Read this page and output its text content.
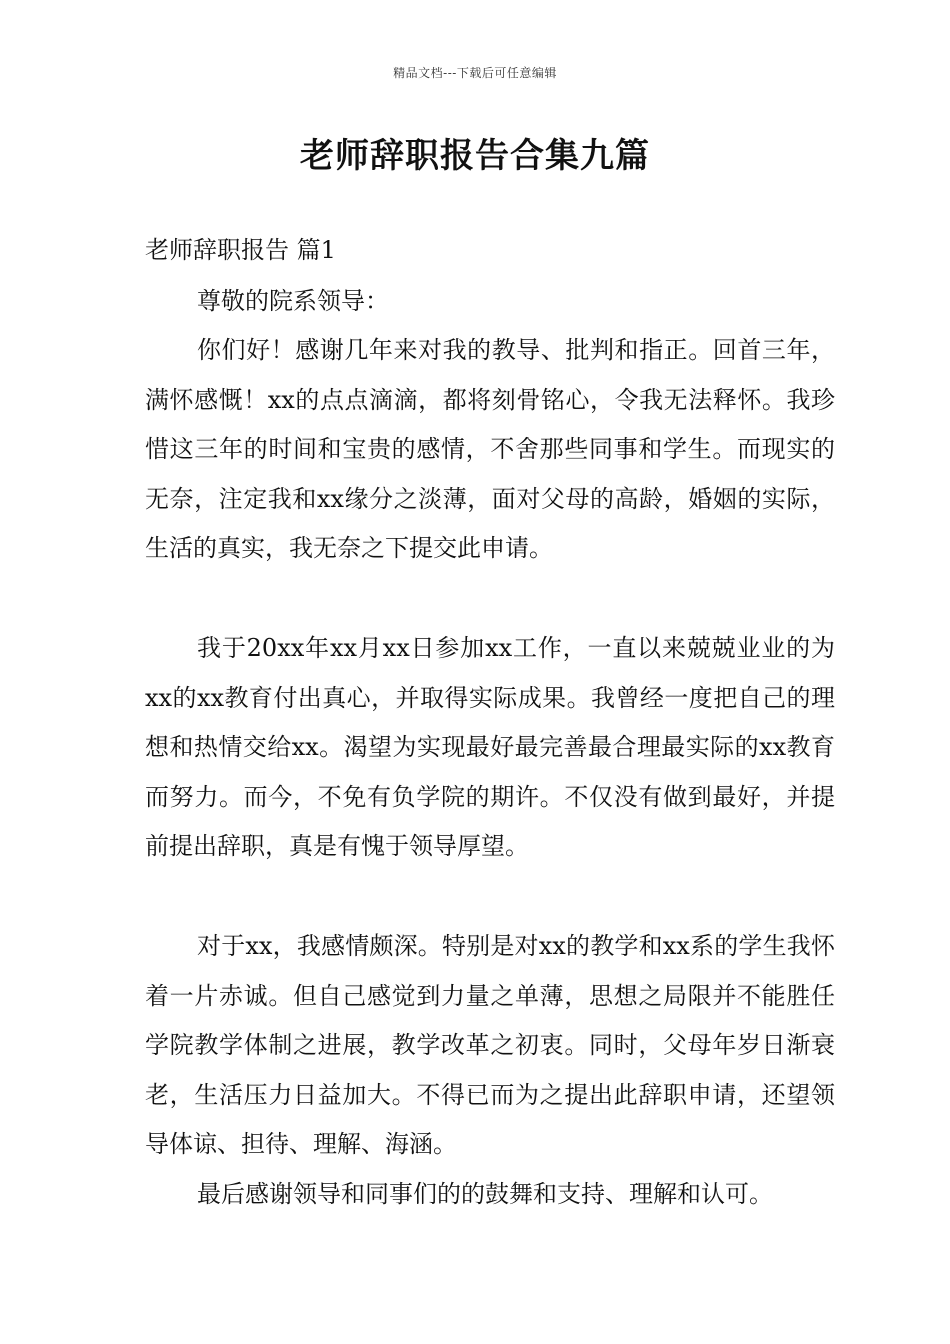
精品文档---下载后可任意编辑
老师辞职报告合集九篇
老师辞职报告 篇1
尊敬的院系领导：

你们好！感谢几年来对我的教导、批判和指正。回首三年，满怀感慨！xx的点点滴滴，都将刻骨铭心，令我无法释怀。我珍惜这三年的时间和宝贵的感情，不舍那些同事和学生。而现实的无奈，注定我和xx缘分之淡薄，面对父母的高龄，婚姻的实际，生活的真实，我无奈之下提交此申请。

我于20xx年xx月xx日参加xx工作，一直以来兢兢业业的为xx的xx教育付出真心，并取得实际成果。我曾经一度把自己的理想和热情交给xx。渴望为实现最好最完善最合理最实际的xx教育而努力。而今，不免有负学院的期许。不仅没有做到最好，并提前提出辞职，真是有愧于领导厚望。

对于xx，我感情颇深。特别是对xx的教学和xx系的学生我怀着一片赤诚。但自己感觉到力量之单薄，思想之局限并不能胜任学院教学体制之进展，教学改革之初衷。同时，父母年岁日渐衰老，生活压力日益加大。不得已而为之提出此辞职申请，还望领导体谅、担待、理解、海涵。

最后感谢领导和同事们的的鼓舞和支持、理解和认可。
